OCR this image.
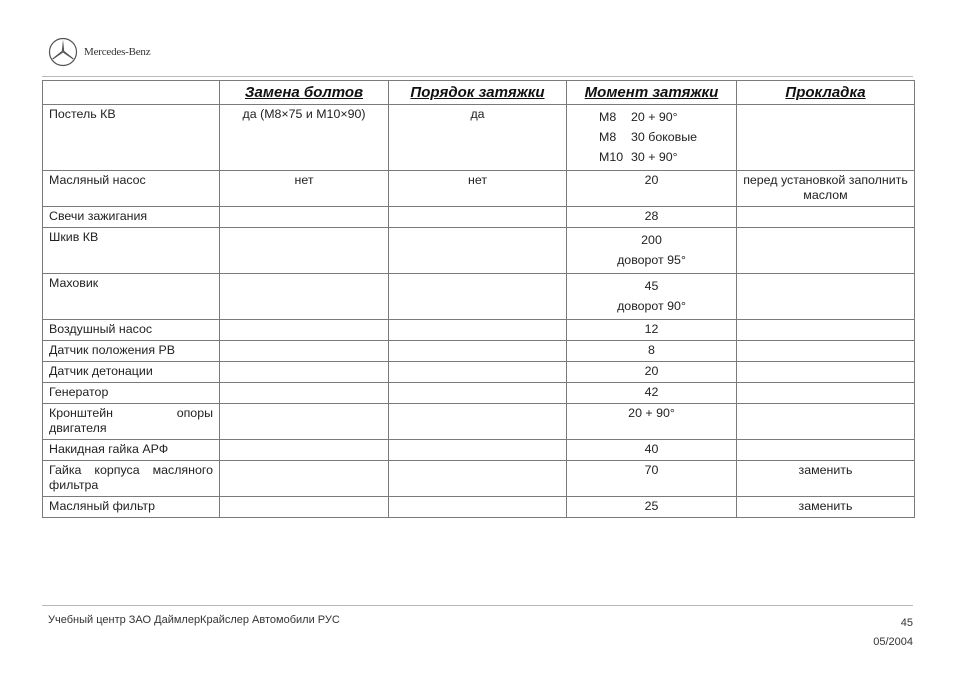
Mercedes-Benz
	Замена болтов	Порядок затяжки	Момент затяжки	Прокладка
Постель КВ	да (М8×75 и М10×90)	да	М8 20 + 90°
М8 30 боковые
М10 30 + 90°	

Масляный насос	нет	нет	20	перед установкой заполнить маслом
Свечи зажигания			28	

Шкив КВ			200
доворот 95°	

Маховик			45
доворот 90°	

Воздушный насос			12	

Датчик положения РВ			8	

Датчик детонации			20	

Генератор			42	

Кронштейн опоры двигателя			20 + 90°	

Накидная гайка АРФ			40	

Гайка корпуса масляного фильтра			70	заменить
Масляный фильтр			25	заменить
Учебный центр ЗАО ДаймлерКрайслер Автомобили РУС	45
05/2004
